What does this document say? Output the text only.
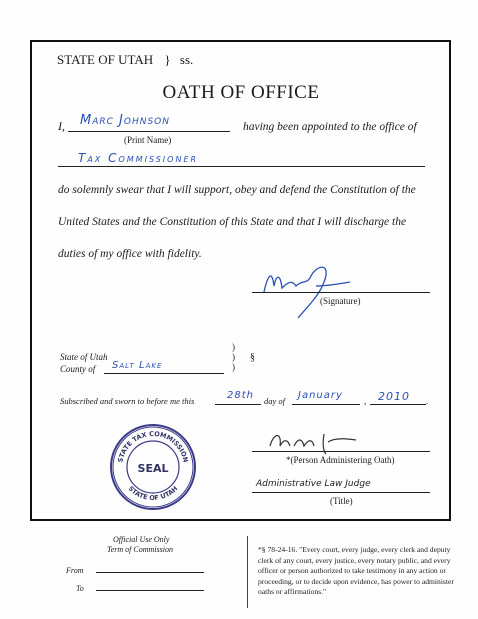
STATE OF UTAH } ss.
OATH OF OFFICE
I, Marc Johnson
(Print Name)
having been appointed to the office of
Tax Commissioner
do solemnly swear that I will support, obey and defend the Constitution of the
United States and the Constitution of this State and that I will discharge the
duties of my office with fidelity.
(Signature)
)
)
)
§
State of Utah
County of Salt Lake
Subscribed and sworn to before me this	28th day of January , 2010 .
STATE TAX COMMISSION
STATE OF UTAH
SEAL
*(Person Administering Oath)
Administrative Law Judge
(Title)
Official Use Only
Term of Commission
From
To
*§ 78-24-16. "Every court, every judge, every clerk and deputy clerk of any court, every justice, every notary public, and every officer or person authorized to take testimony in any action or proceeding, or to decide upon evidence, has power to administer oaths or affirmations."
